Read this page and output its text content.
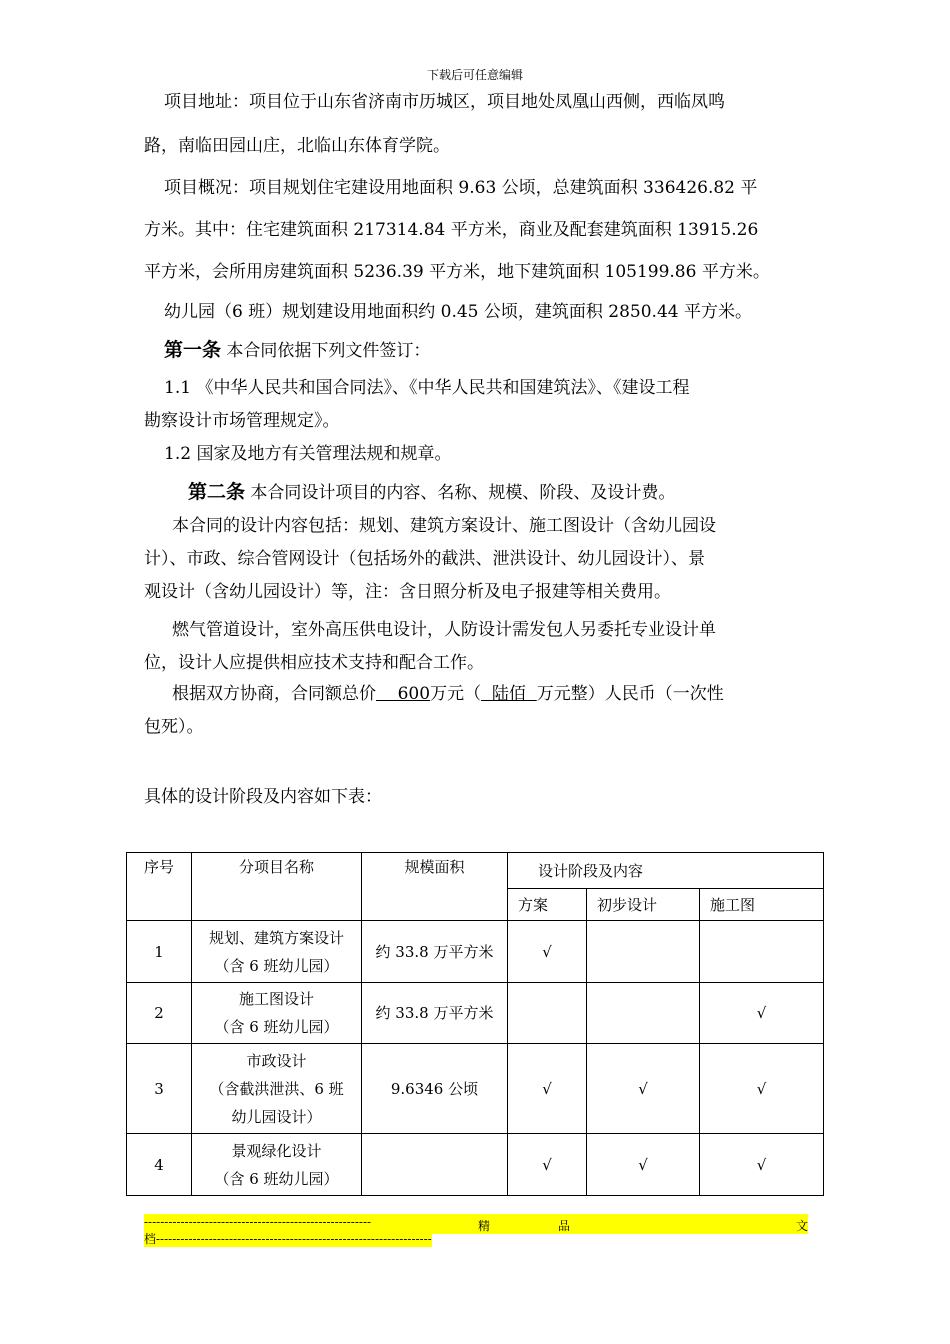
下载后可任意编辑
项目地址：项目位于山东省济南市历城区，项目地处凤凰山西侧，西临凤鸣
路，南临田园山庄，北临山东体育学院。
项目概况：项目规划住宅建设用地面积 9.63 公顷，总建筑面积 336426.82 平
方米。其中：住宅建筑面积 217314.84 平方米，商业及配套建筑面积 13915.26
平方米，会所用房建筑面积 5236.39 平方米，地下建筑面积 105199.86 平方米。
幼儿园（6 班）规划建设用地面积约 0.45 公顷，建筑面积 2850.44 平方米。
第一条 本合同依据下列文件签订：
1.1 《中华人民共和国合同法》、《中华人民共和国建筑法》、《建设工程
勘察设计市场管理规定》。
1.2 国家及地方有关管理法规和规章。
第二条 本合同设计项目的内容、名称、规模、阶段、及设计费。
本合同的设计内容包括：规划、建筑方案设计、施工图设计（含幼儿园设
计）、市政、综合管网设计（包括场外的截洪、泄洪设计、幼儿园设计）、景
观设计（含幼儿园设计）等，注：含日照分析及电子报建等相关费用。
燃气管道设计，室外高压供电设计，人防设计需发包人另委托专业设计单
位，设计人应提供相应技术支持和配合工作。
根据双方协商，合同额总价    600万元（  陆佰  万元整）人民币（一次性
包死）。
具体的设计阶段及内容如下表：
序号	分项目名称	规模面积	设计阶段及内容		
			方案	初步设计	施工图
1	规划、建筑方案设计
（含 6 班幼儿园）	约 33.8 万平方米	√		
2	施工图设计
（含 6 班幼儿园）	约 33.8 万平方米			√
3	市政设计
（含截洪泄洪、6 班
幼儿园设计）	9.6346 公顷	√	√	√
4	景观绿化设计
（含 6 班幼儿园）		√	√	√
--------------------------------------------------------	精	品	文
档--------------------------------------------------------------------
